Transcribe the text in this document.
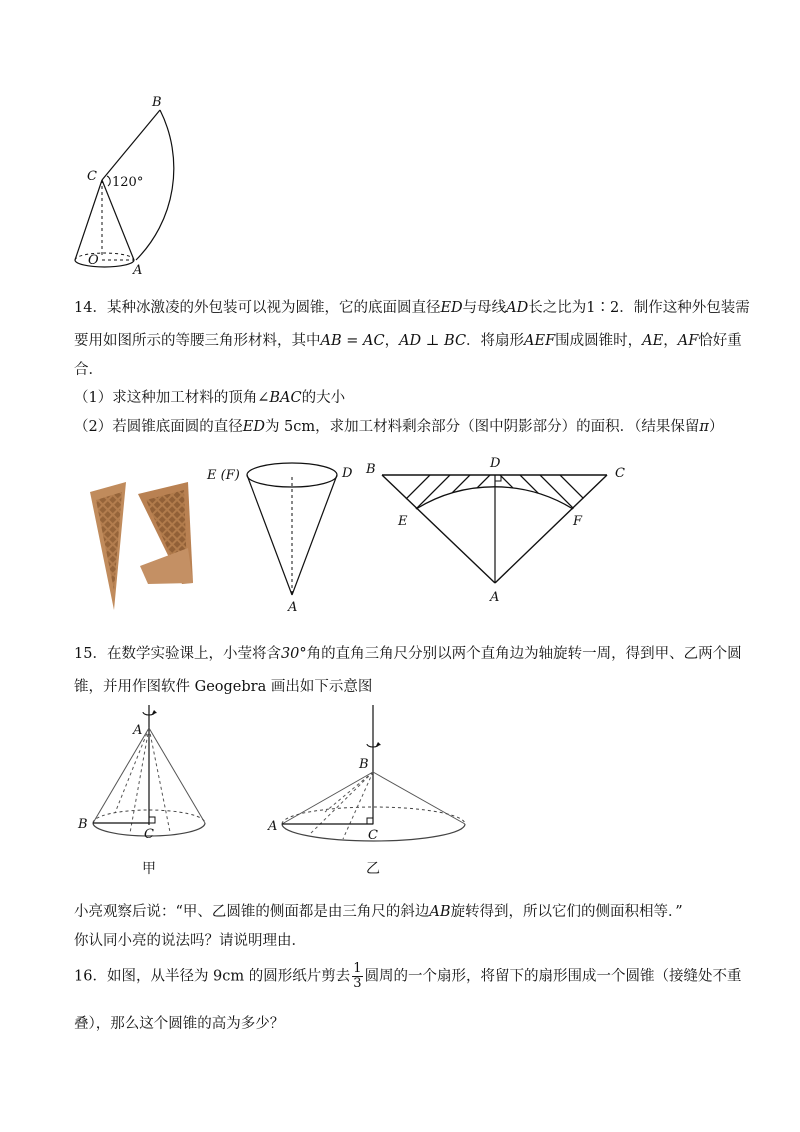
B
C
O
A
120°
14．某种冰激凌的外包装可以视为圆锥，它的底面圆直径ED与母线AD长之比为1∶2．制作这种外包装需
要用如图所示的等腰三角形材料，其中AB = AC，AD ⊥ BC．将扇形AEF围成圆锥时，AE，AF恰好重
合．
（1）求这种加工材料的顶角∠BAC的大小
（2）若圆锥底面圆的直径ED为 5cm，求加工材料剩余部分（图中阴影部分）的面积．（结果保留π）
E (F)	D
A
B	D
C
E	F
A
15．在数学实验课上，小莹将含30°角的直角三角尺分别以两个直角边为轴旋转一周，得到甲、乙两个圆
锥，并用作图软件 Geogebra 画出如下示意图
A
B
C
甲
B
A
C
乙
小亮观察后说：“甲、乙圆锥的侧面都是由三角尺的斜边AB旋转得到，所以它们的侧面积相等．”
你认同小亮的说法吗？请说明理由．
16．如图，从半径为 9cm 的圆形纸片剪去 $\frac{1}{3}$ 圆周的一个扇形，将留下的扇形围成一个圆锥（接缝处不重
叠），那么这个圆锥的高为多少？
